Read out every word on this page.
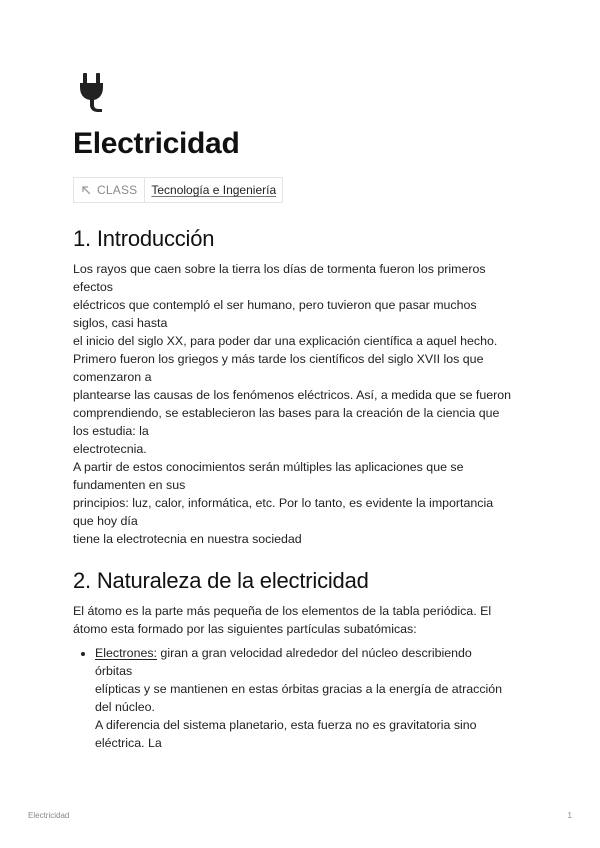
Electricidad
CLASS Tecnología e Ingeniería
1. Introducción
Los rayos que caen sobre la tierra los días de tormenta fueron los primeros
efectos
eléctricos que contempló el ser humano, pero tuvieron que pasar muchos
siglos, casi hasta
el inicio del siglo XX, para poder dar una explicación científica a aquel hecho.
Primero fueron los griegos y más tarde los científicos del siglo XVII los que
comenzaron a
plantearse las causas de los fenómenos eléctricos. Así, a medida que se fueron
comprendiendo, se establecieron las bases para la creación de la ciencia que
los estudia: la
electrotecnia.
A partir de estos conocimientos serán múltiples las aplicaciones que se
fundamenten en sus
principios: luz, calor, informática, etc. Por lo tanto, es evidente la importancia
que hoy día
tiene la electrotecnia en nuestra sociedad
2. Naturaleza de la electricidad
El átomo es la parte más pequeña de los elementos de la tabla periódica. El
átomo esta formado por las siguientes partículas subatómicas:
• Electrones: giran a gran velocidad alrededor del núcleo describiendo
órbitas
elípticas y se mantienen en estas órbitas gracias a la energía de atracción
del núcleo.
A diferencia del sistema planetario, esta fuerza no es gravitatoria sino
eléctrica. La
Electricidad	1
